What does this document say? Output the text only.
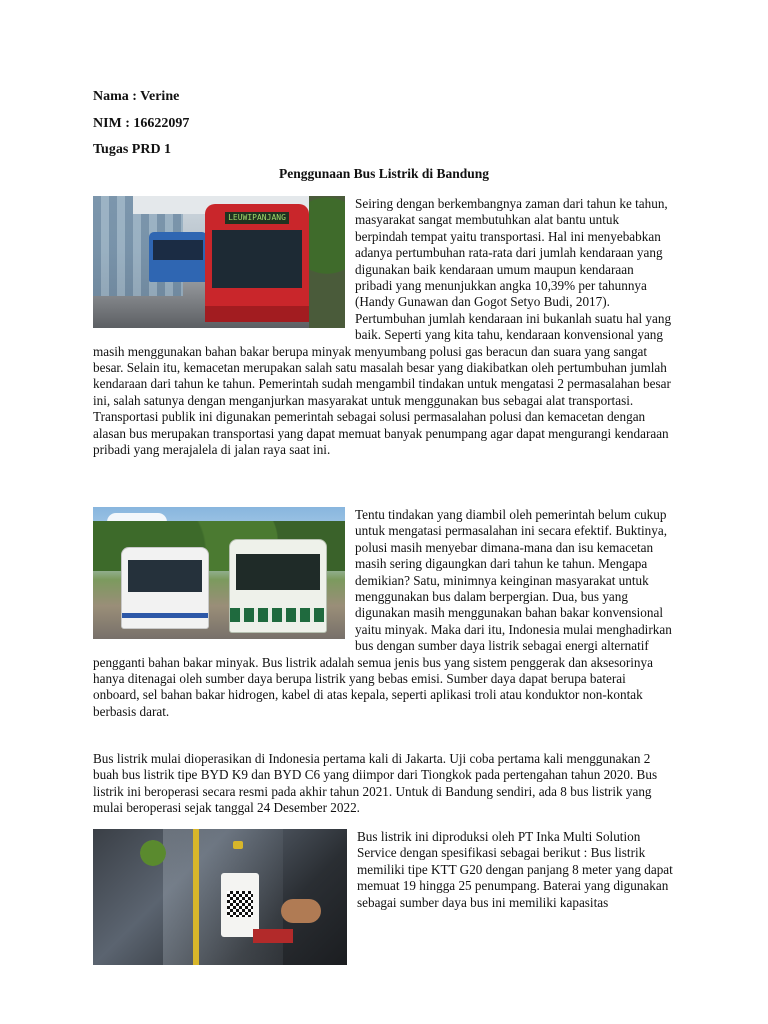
Nama : Verine
NIM : 16622097
Tugas PRD 1
Penggunaan Bus Listrik di Bandung
LEUWIPANJANG

Seiring dengan berkembangnya zaman dari tahun ke tahun, masyarakat sangat membutuhkan alat bantu untuk berpindah tempat yaitu transportasi. Hal ini menyebabkan adanya pertumbuhan rata-rata dari jumlah kendaraan yang digunakan baik kendaraan umum maupun kendaraan pribadi yang menunjukkan angka 10,39% per tahunnya (Handy Gunawan dan Gogot Setyo Budi, 2017). Pertumbuhan jumlah kendaraan ini bukanlah suatu hal yang baik. Seperti yang kita tahu, kendaraan konvensional yang masih menggunakan bahan bakar berupa minyak menyumbang polusi gas beracun dan suara yang sangat besar. Selain itu, kemacetan merupakan salah satu masalah besar yang diakibatkan oleh pertumbuhan jumlah kendaraan dari tahun ke tahun. Pemerintah sudah mengambil tindakan untuk mengatasi 2 permasalahan besar ini, salah satunya dengan menganjurkan masyarakat untuk menggunakan bus sebagai alat transportasi. Transportasi publik ini digunakan pemerintah sebagai solusi permasalahan polusi dan kemacetan dengan alasan bus merupakan transportasi yang dapat memuat banyak penumpang agar dapat mengurangi kendaraan pribadi yang merajalela di jalan raya saat ini.

Tentu tindakan yang diambil oleh pemerintah belum cukup untuk mengatasi permasalahan ini secara efektif. Buktinya, polusi masih menyebar dimana-mana dan isu kemacetan masih sering digaungkan dari tahun ke tahun. Mengapa demikian? Satu, minimnya keinginan masyarakat untuk menggunakan bus dalam berpergian. Dua, bus yang digunakan masih menggunakan bahan bakar konvensional yaitu minyak. Maka dari itu, Indonesia mulai menghadirkan bus dengan sumber daya listrik sebagai energi alternatif pengganti bahan bakar minyak. Bus listrik adalah semua jenis bus yang sistem penggerak dan aksesorinya hanya ditenagai oleh sumber daya berupa listrik yang bebas emisi. Sumber daya dapat berupa baterai onboard, sel bahan bakar hidrogen, kabel di atas kepala, seperti aplikasi troli atau konduktor non-kontak berbasis darat.

Bus listrik mulai dioperasikan di Indonesia pertama kali di Jakarta. Uji coba pertama kali menggunakan 2 buah bus listrik tipe BYD K9 dan BYD C6 yang diimpor dari Tiongkok pada pertengahan tahun 2020. Bus listrik ini beroperasi secara resmi pada akhir tahun 2021. Untuk di Bandung sendiri, ada 8 bus listrik yang mulai beroperasi sejak tanggal 24 Desember 2022.

Bus listrik ini diproduksi oleh PT Inka Multi Solution Service dengan spesifikasi sebagai berikut : Bus listrik memiliki tipe KTT G20 dengan panjang 8 meter yang dapat memuat 19 hingga 25 penumpang. Baterai yang digunakan sebagai sumber daya bus ini memiliki kapasitas
